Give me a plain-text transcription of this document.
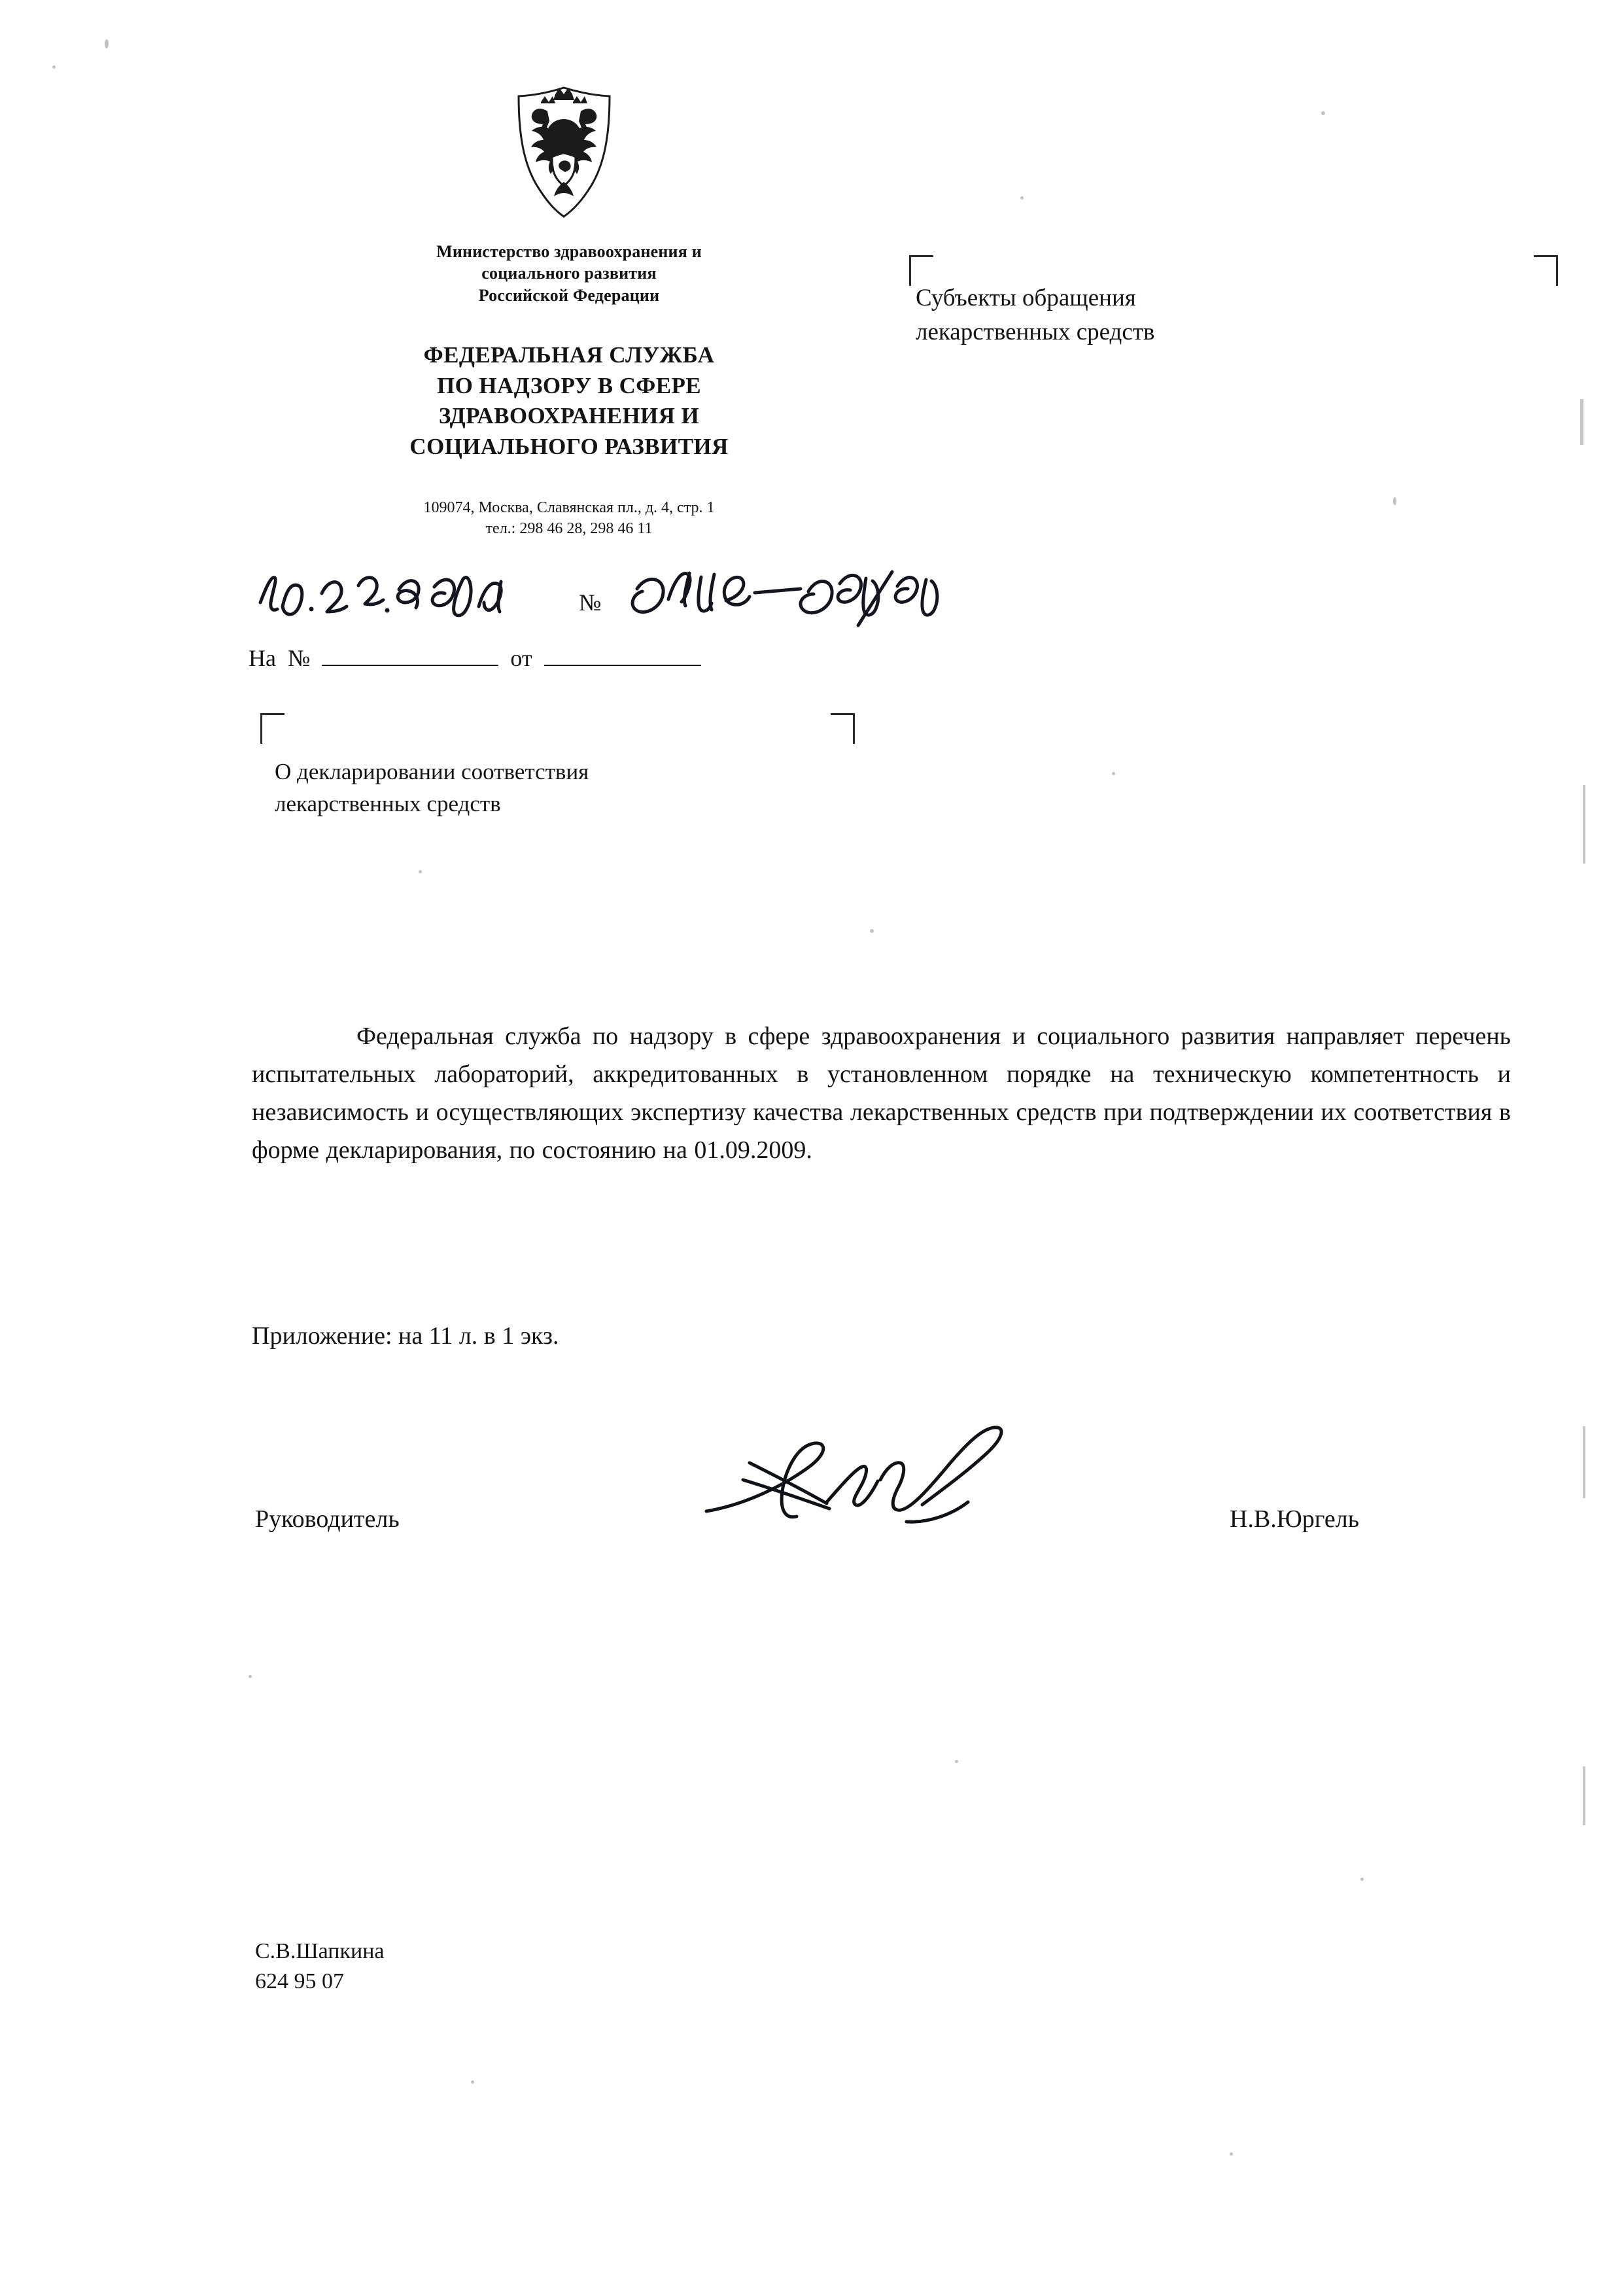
Министерство здравоохранения и
социального развития
Российской Федерации
ФЕДЕРАЛЬНАЯ СЛУЖБА
ПО НАДЗОРУ В СФЕРЕ
ЗДРАВООХРАНЕНИЯ И
СОЦИАЛЬНОГО РАЗВИТИЯ
109074, Москва, Славянская пл., д. 4, стр. 1
тел.: 298 46 28, 298 46 11
№
На №	от
Субъекты обращения
лекарственных средств
О декларировании соответствия
лекарственных средств
Федеральная служба по надзору в сфере здравоохранения и социального развития направляет перечень испытательных лабораторий, аккредитованных в установленном порядке на техническую компетентность и независимость и осуществляющих экспертизу качества лекарственных средств при подтверждении их соответствия в форме декларирования, по состоянию на 01.09.2009.
Приложение: на 11 л. в 1 экз.
Руководитель	Н.В.Юргель
С.В.Шапкина
624 95 07
